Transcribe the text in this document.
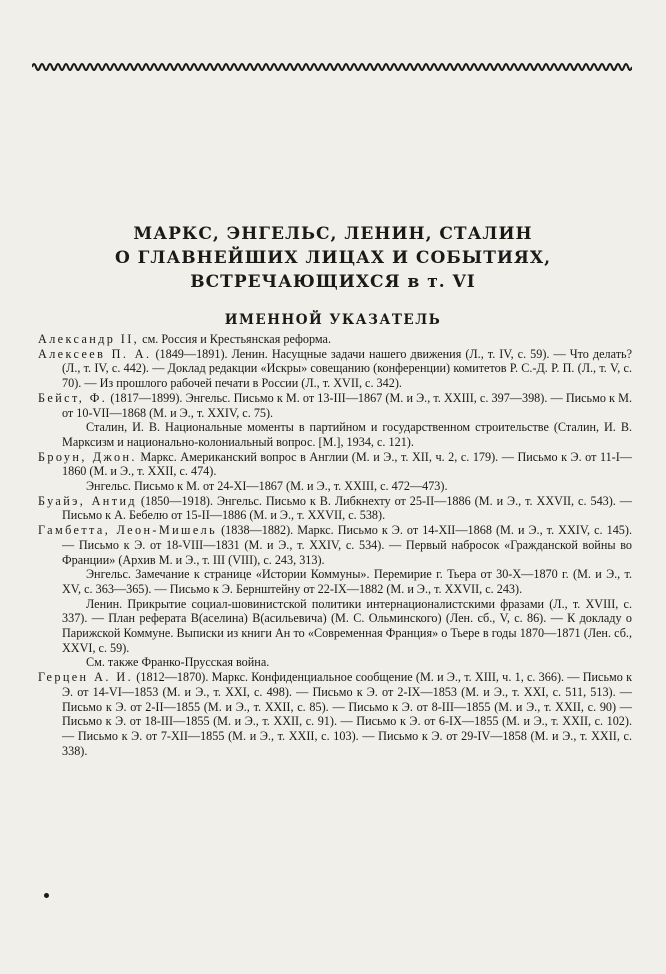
МАРКС, ЭНГЕЛЬС, ЛЕНИН, СТАЛИН
О ГЛАВНЕЙШИХ ЛИЦАХ И СОБЫТИЯХ,
ВСТРЕЧАЮЩИХСЯ в т. VI
ИМЕННОЙ УКАЗАТЕЛЬ

Александр II, см. Россия и Крестьянская реформа.

Алексеев П. А. (1849—1891). Ленин. Насущные задачи нашего движения (Л., т. IV, с. 59). — Что делать? (Л., т. IV, с. 442). — Доклад редакции «Искры» совещанию (конференции) комитетов Р. С.-Д. Р. П. (Л., т. V, с. 70). — Из прошлого рабочей печати в России (Л., т. XVII, с. 342).

Бейст, Ф. (1817—1899). Энгельс. Письмо к М. от 13-III—1867 (М. и Э., т. XXIII, с. 397—398). — Письмо к М. от 10-VII—1868 (М. и Э., т. XXIV, с. 75).

Сталин, И. В. Национальные моменты в партийном и государственном строительстве (Сталин, И. В. Марксизм и национально-колониальный вопрос. [М.], 1934, с. 121).

Броун, Джон. Маркс. Американский вопрос в Англии (М. и Э., т. XII, ч. 2, с. 179). — Письмо к Э. от 11-I—1860 (М. и Э., т. XXII, с. 474).

Энгельс. Письмо к М. от 24-XI—1867 (М. и Э., т. XXIII, с. 472—473).

Буайэ, Антид (1850—1918). Энгельс. Письмо к В. Либкнехту от 25-II—1886 (М. и Э., т. XXVII, с. 543). — Письмо к А. Бебелю от 15-II—1886 (М. и Э., т. XXVII, с. 538).

Гамбетта, Леон-Мишель (1838—1882). Маркс. Письмо к Э. от 14-XII—1868 (М. и Э., т. XXIV, с. 145). — Письмо к Э. от 18-VIII—1831 (М. и Э., т. XXIV, с. 534). — Первый набросок «Гражданской войны во Франции» (Архив М. и Э., т. III (VIII), с. 243, 313).

Энгельс. Замечание к странице «Истории Коммуны». Перемирие г. Тьера от 30-X—1870 г. (М. и Э., т. XV, с. 363—365). — Письмо к Э. Бернштейну от 22-IX—1882 (М. и Э., т. XXVII, с. 243).

Ленин. Прикрытие социал-шовинистской политики интернационалистскими фразами (Л., т. XVIII, с. 337). — План реферата В(аселина) В(асильевича) (М. С. Ольминского) (Лен. сб., V, с. 86). — К докладу о Парижской Коммуне. Выписки из книги Ан то «Современная Франция» о Тьере в годы 1870—1871 (Лен. сб., XXVI, с. 59).

См. также Франко-Прусская война.

Герцен А. И. (1812—1870). Маркс. Конфиденциальное сообщение (М. и Э., т. XIII, ч. 1, с. 366). — Письмо к Э. от 14-VI—1853 (М. и Э., т. XXI, с. 498). — Письмо к Э. от 2-IX—1853 (М. и Э., т. XXI, с. 511, 513). — Письмо к Э. от 2-II—1855 (М. и Э., т. XXII, с. 85). — Письмо к Э. от 8-III—1855 (М. и Э., т. XXII, с. 90) — Письмо к Э. от 18-III—1855 (М. и Э., т. XXII, с. 91). — Письмо к Э. от 6-IX—1855 (М. и Э., т. XXII, с. 102). — Письмо к Э. от 7-XII—1855 (М. и Э., т. XXII, с. 103). — Письмо к Э. от 29-IV—1858 (М. и Э., т. XXII, с. 338).
